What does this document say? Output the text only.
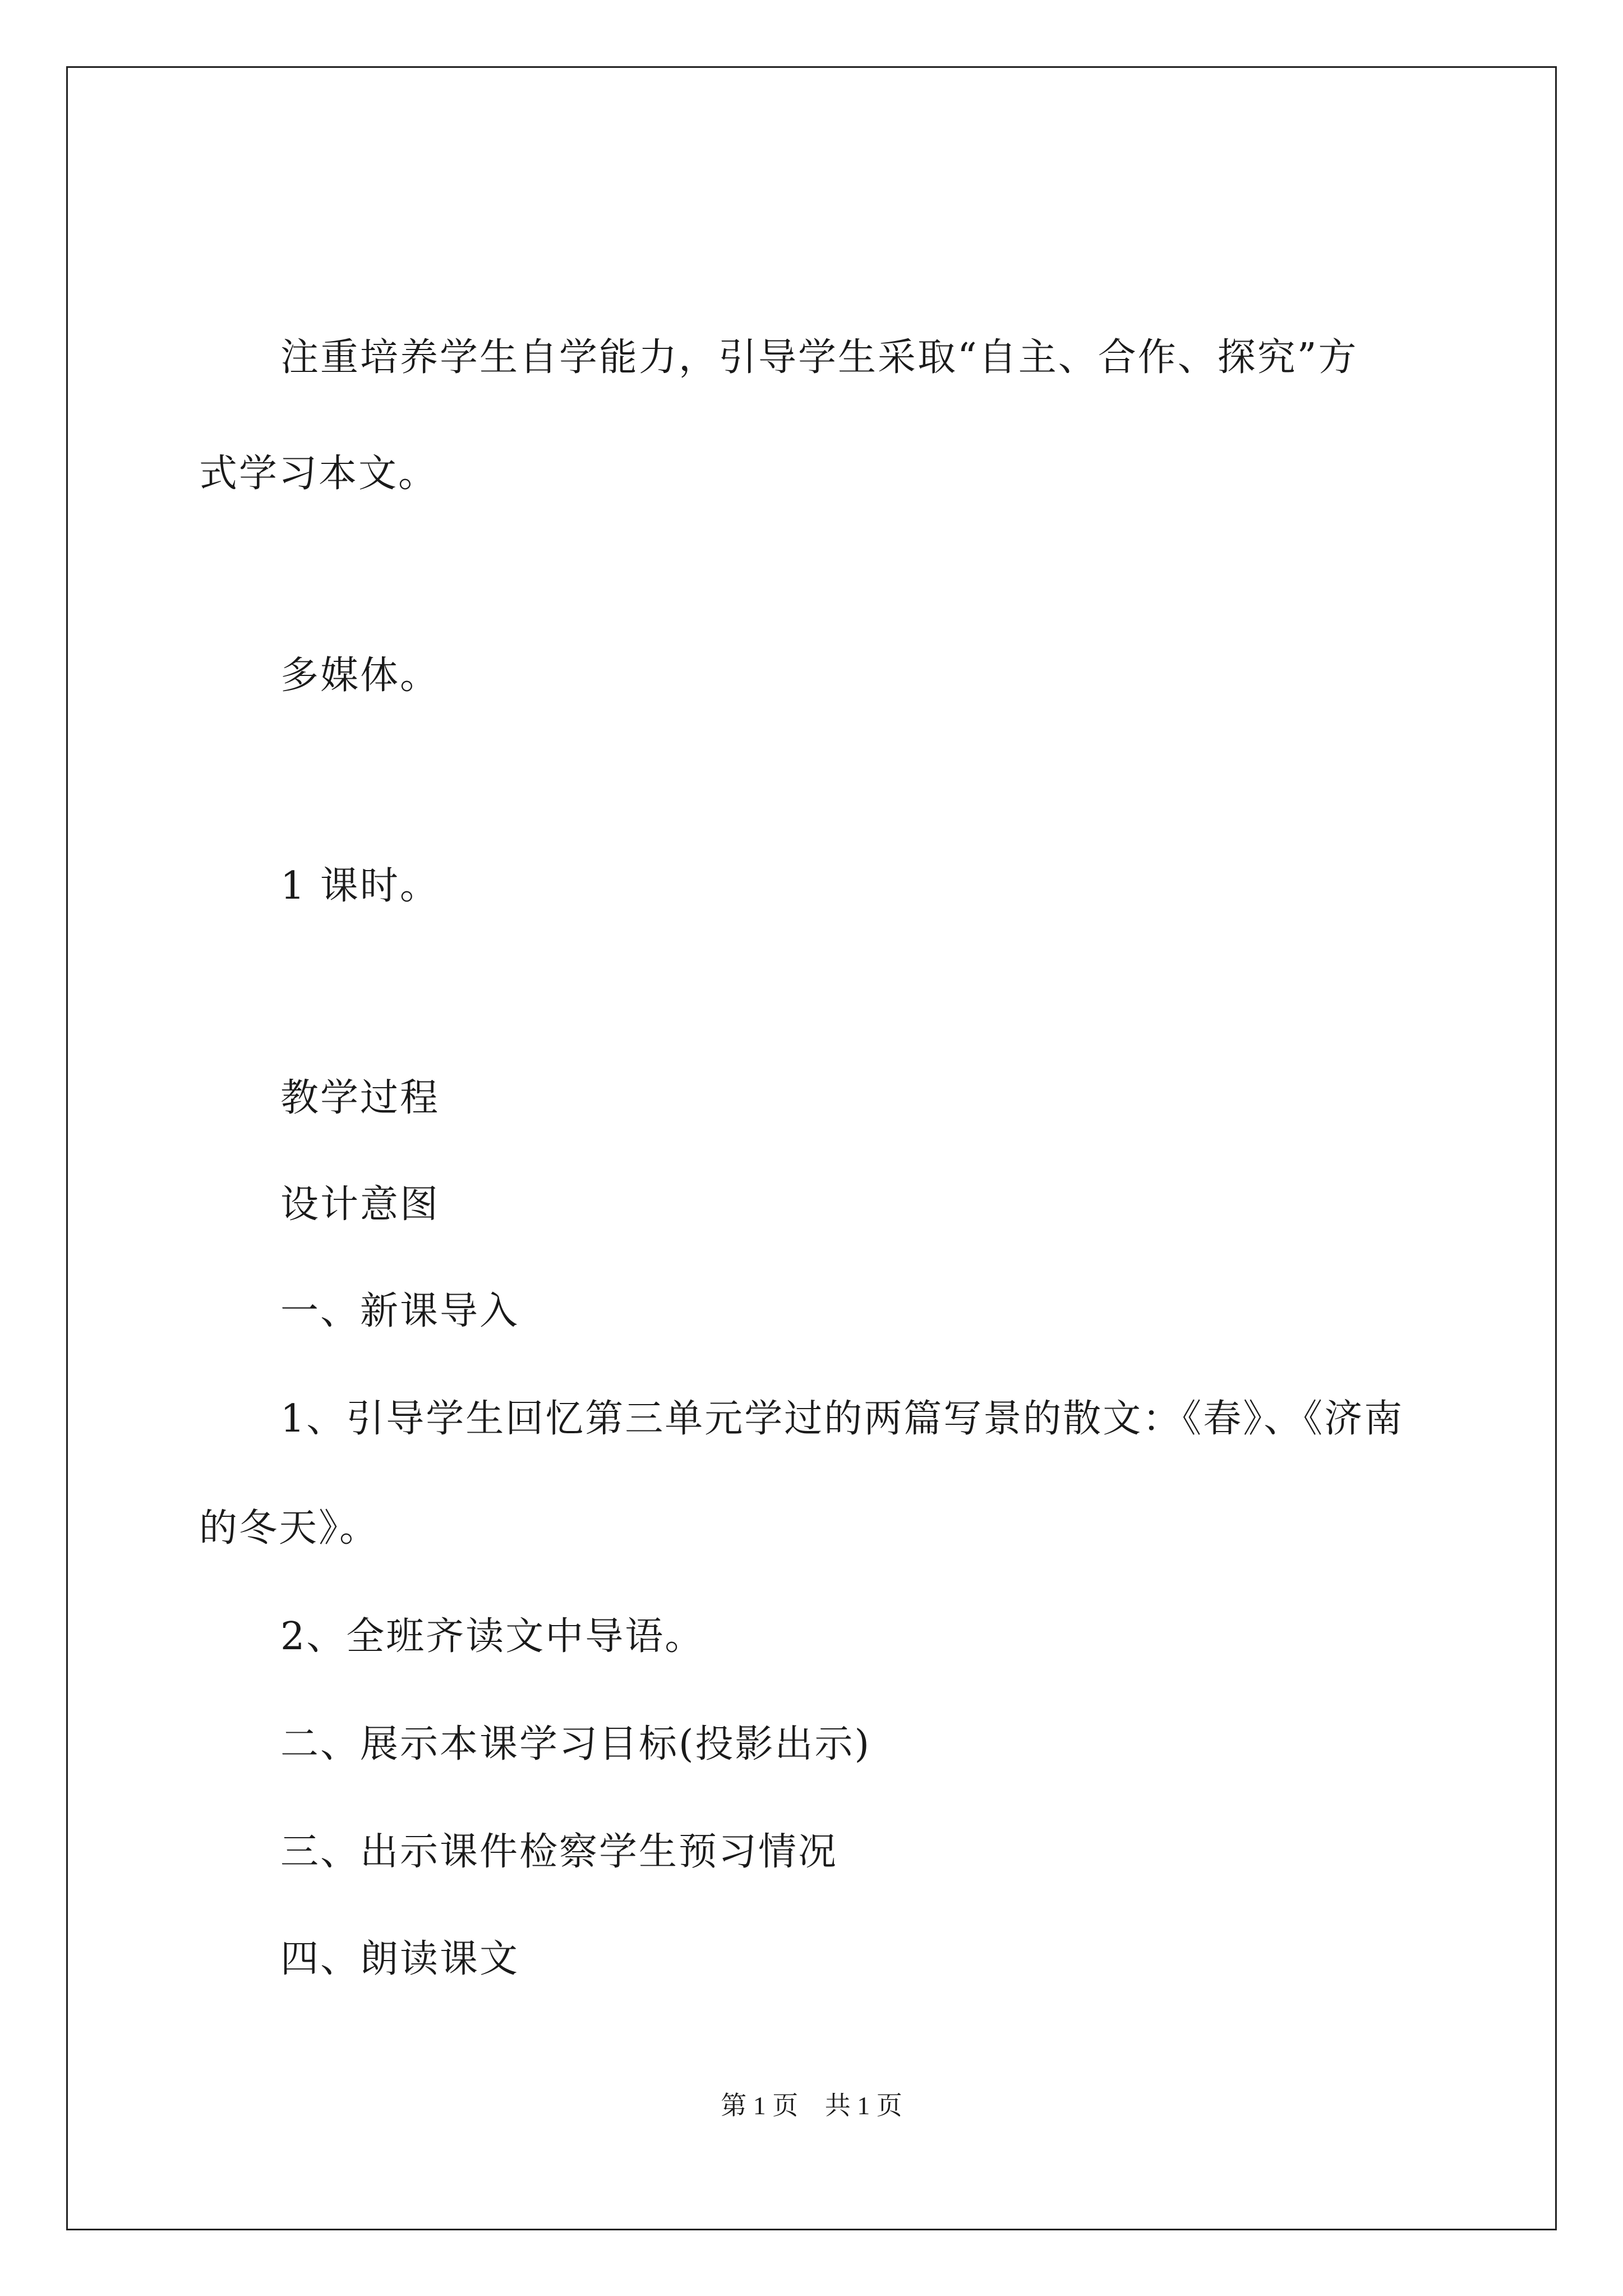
注重培养学生自学能力，引导学生采取“自主、合作、探究”方
式学习本文。
多媒体。
1 课时。
教学过程
设计意图
一、新课导入
1、引导学生回忆第三单元学过的两篇写景的散文：《春》、《济南
的冬天》。
2、全班齐读文中导语。
二、展示本课学习目标(投影出示)
三、出示课件检察学生预习情况
四、朗读课文
第 1 页 共 1 页
